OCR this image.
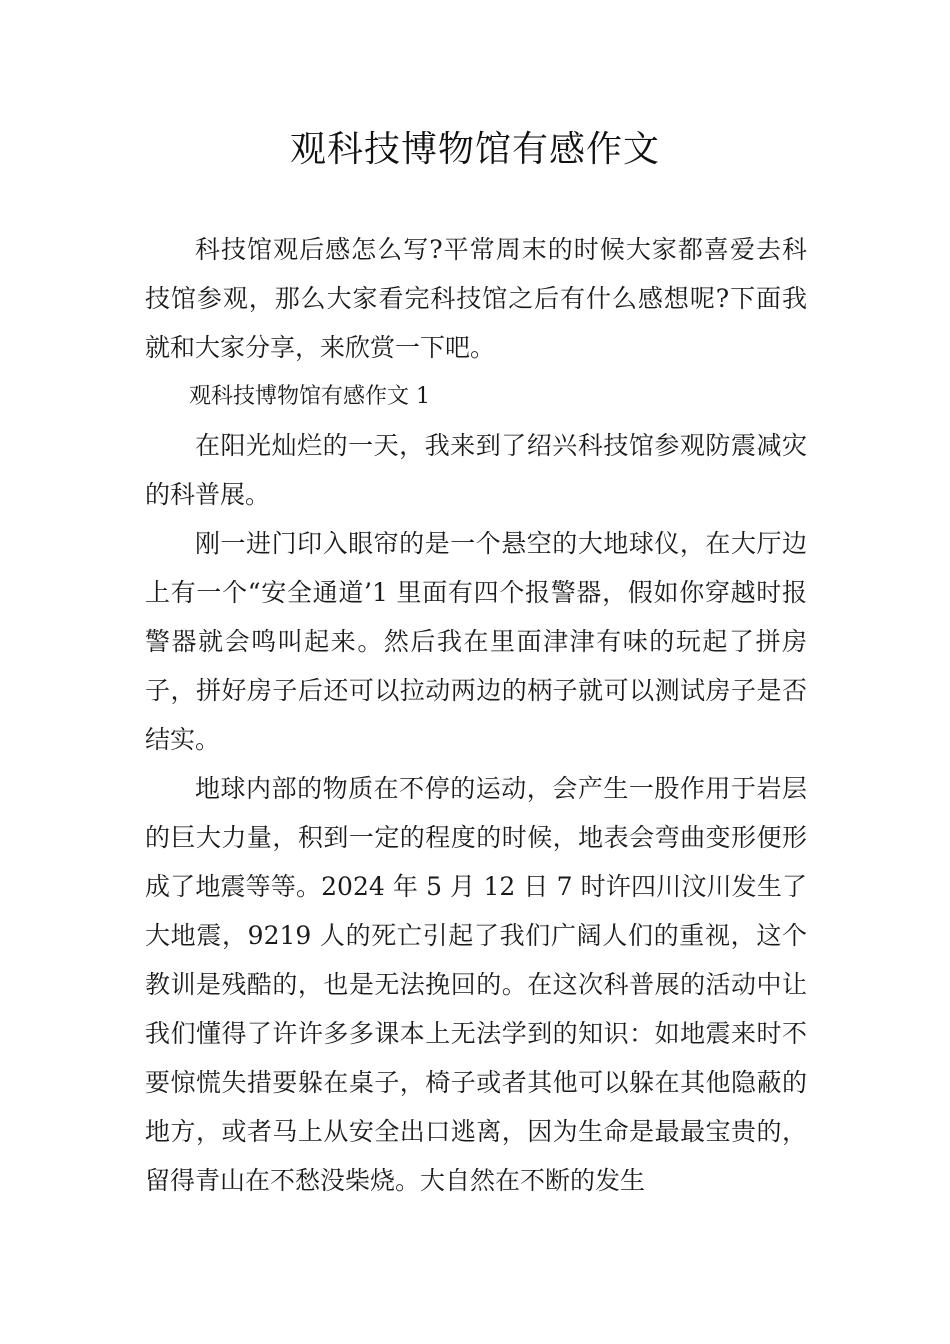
观科技博物馆有感作文

科技馆观后感怎么写?平常周末的时候大家都喜爱去科技馆参观，那么大家看完科技馆之后有什么感想呢?下面我就和大家分享，来欣赏一下吧。

观科技博物馆有感作文 1

在阳光灿烂的一天，我来到了绍兴科技馆参观防震减灾的科普展。

刚一进门印入眼帘的是一个悬空的大地球仪，在大厅边上有一个“安全通道’1 里面有四个报警器，假如你穿越时报警器就会鸣叫起来。然后我在里面津津有味的玩起了拼房子，拼好房子后还可以拉动两边的柄子就可以测试房子是否结实。

地球内部的物质在不停的运动，会产生一股作用于岩层的巨大力量，积到一定的程度的时候，地表会弯曲变形便形成了地震等等。2024 年 5 月 12 日 7 时许四川汶川发生了大地震，9219 人的死亡引起了我们广阔人们的重视，这个教训是残酷的，也是无法挽回的。在这次科普展的活动中让我们懂得了许许多多课本上无法学到的知识：如地震来时不要惊慌失措要躲在桌子，椅子或者其他可以躲在其他隐蔽的地方，或者马上从安全出口逃离，因为生命是最最宝贵的，留得青山在不愁没柴烧。大自然在不断的发生
